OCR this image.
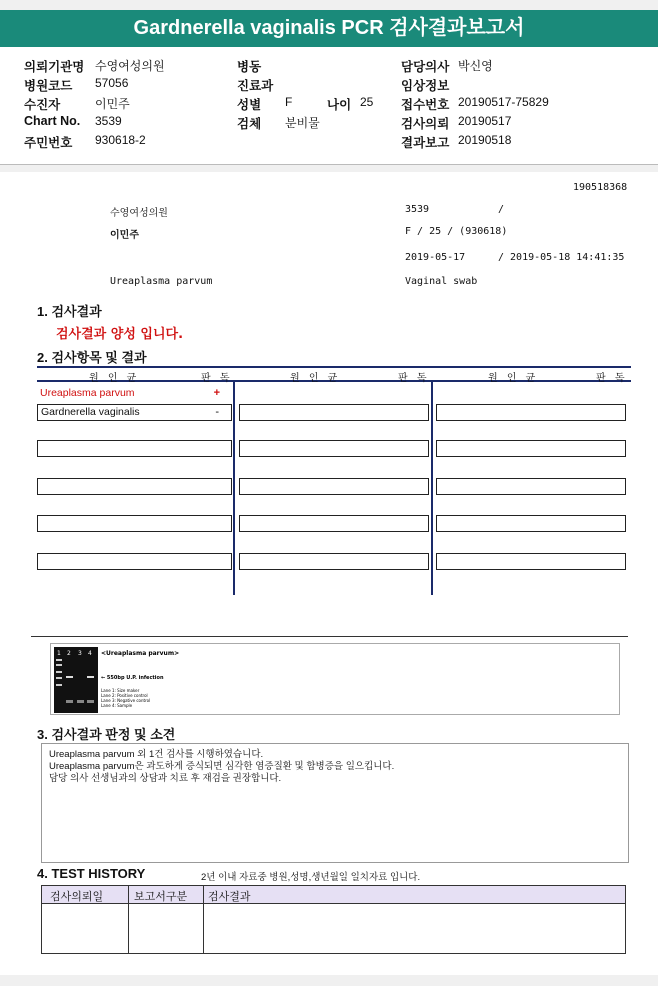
Gardnerella vaginalis PCR 검사결과보고서
의뢰기관명 수영여성의원
병원코드 57056
수진자	이민주
Chart No. 3539
주민번호 930618-2
병동
진료과
성별 F	나이 25
검체 분비물
담당의사 박신영
임상정보
접수번호 20190517-75829
검사의뢰 20190517
결과보고 20190518
190518368
수영여성의원	3539	/
이민주	F / 25 / (930618)
2019-05-17	/ 2019-05-18 14:41:35
Ureaplasma parvum	Vaginal swab
1. 검사결과
검사결과 양성 입니다.
2. 검사항목 및 결과
원 인 균	판 독	원 인 균	판 독	원 인 균	판 독
Ureaplasma parvum	+
Gardnerella vaginalis	-
1 2 3 4 <Ureaplasma parvum>
← 550bp U.P. infection
Lane 1: Size maker
Lane 2: Positive control
Lane 3: Negative control
Lane 4: Sample
3. 검사결과 판정 및 소견
Ureaplasma parvum 외 1건 검사를 시행하였습니다.
Ureaplasma parvum은 과도하게 증식되면 심각한 염증질환 및 합병증을 일으킵니다.
담당 의사 선생님과의 상담과 치료 후 재검을 권장합니다.
4. TEST HISTORY	2년 이내 자료중 병원,성명,생년월일 일치자료 입니다.
검사의뢰일	보고서구분 검사결과
